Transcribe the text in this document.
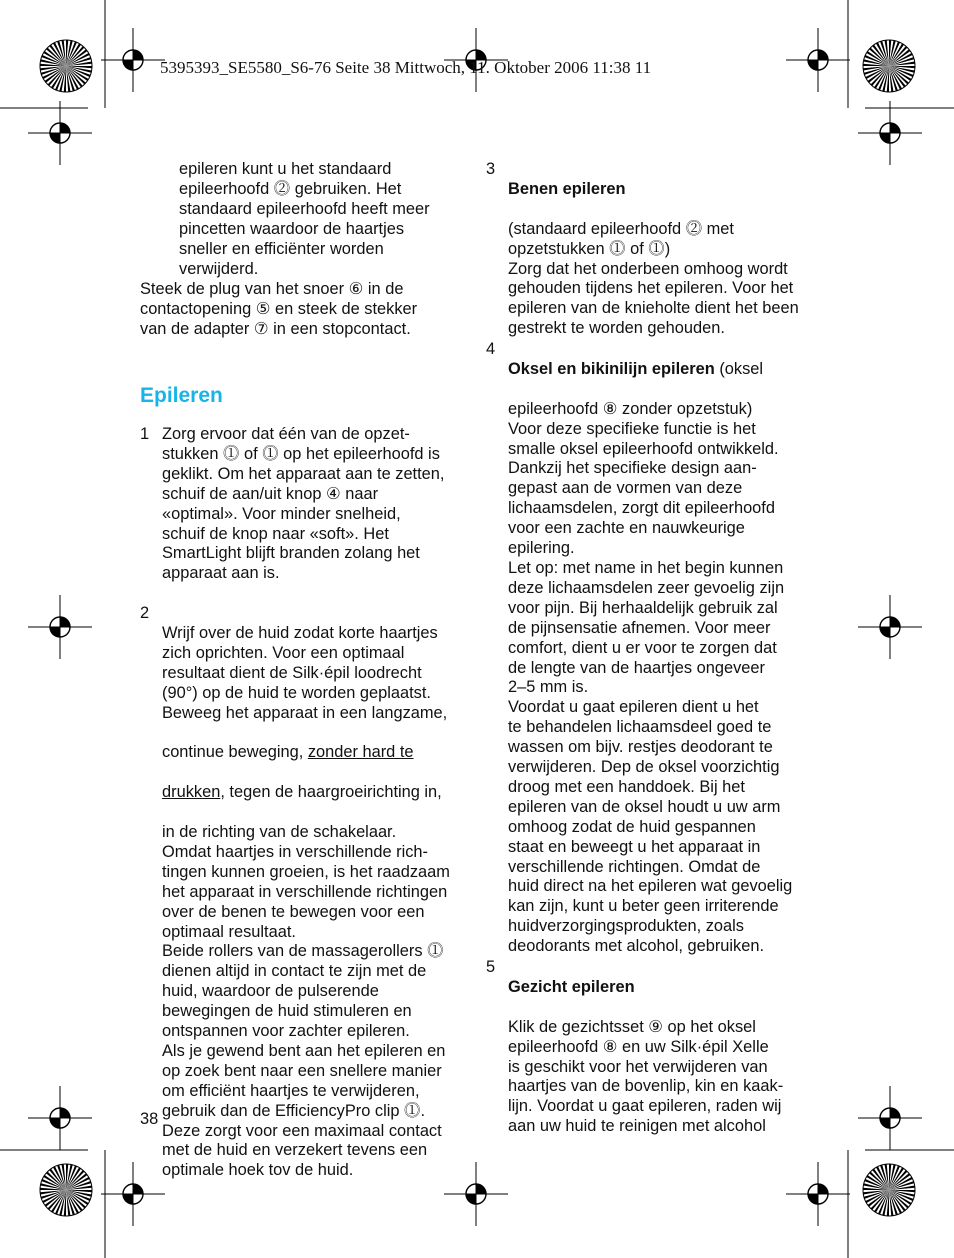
5395393_SE5580_S6-76 Seite 38 Mittwoch, 11. Oktober 2006 11:38 11
epileren kunt u het standaard
epileerhoofd ⓶ gebruiken. Het
standaard epileerhoofd heeft meer
pincetten waardoor de haartjes
sneller en efficiënter worden
verwijderd.
Steek de plug van het snoer ⑥ in de
contactopening ⑤ en steek de stekker
van de adapter ⑦ in een stopcontact.
Epileren
1 Zorg ervoor dat één van de opzet-
stukken ⓵ of ⓵ op het epileerhoofd is
geklikt. Om het apparaat aan te zetten,
schuif de aan/uit knop ④ naar
«optimal». Voor minder snelheid,
schuif de knop naar «soft». Het
SmartLight blijft branden zolang het
apparaat aan is.
2

Wrijf over de huid zodat korte haartjes
zich oprichten. Voor een optimaal
resultaat dient de Silk·épil loodrecht
(90°) op de huid te worden geplaatst.
Beweeg het apparaat in een langzame,

continue beweging, zonder hard te

drukken, tegen de haargroeirichting in,

in de richting van de schakelaar.
Omdat haartjes in verschillende rich-
tingen kunnen groeien, is het raadzaam
het apparaat in verschillende richtingen
over de benen te bewegen voor een
optimaal resultaat.
Beide rollers van de massagerollers ⓵
dienen altijd in contact te zijn met de
huid, waardoor de pulserende
bewegingen de huid stimuleren en
ontspannen voor zachter epileren.
Als je gewend bent aan het epileren en
op zoek bent naar een snellere manier
om efficiënt haartjes te verwijderen,
gebruik dan de EfficiencyPro clip ⓵.
Deze zorgt voor een maximaal contact
met de huid en verzekert tevens een
optimale hoek tov de huid.

38
3

Benen epileren

(standaard epileerhoofd ⓶ met
opzetstukken ⓵ of ⓵)
Zorg dat het onderbeen omhoog wordt
gehouden tijdens het epileren. Voor het
epileren van de knieholte dient het been
gestrekt te worden gehouden.

4

Oksel en bikinilijn epileren (oksel

epileerhoofd ⑧ zonder opzetstuk)
Voor deze specifieke functie is het
smalle oksel epileerhoofd ontwikkeld.
Dankzij het specifieke design aan-
gepast aan de vormen van deze
lichaamsdelen, zorgt dit epileerhoofd
voor een zachte en nauwkeurige
epilering.
Let op: met name in het begin kunnen
deze lichaamsdelen zeer gevoelig zijn
voor pijn. Bij herhaaldelijk gebruik zal
de pijnsensatie afnemen. Voor meer
comfort, dient u er voor te zorgen dat
de lengte van de haartjes ongeveer
2–5 mm is.
Voordat u gaat epileren dient u het
te behandelen lichaamsdeel goed te
wassen om bijv. restjes deodorant te
verwijderen. Dep de oksel voorzichtig
droog met een handdoek. Bij het
epileren van de oksel houdt u uw arm
omhoog zodat de huid gespannen
staat en beweegt u het apparaat in
verschillende richtingen. Omdat de
huid direct na het epileren wat gevoelig
kan zijn, kunt u beter geen irriterende
huidverzorgingsprodukten, zoals
deodorants met alcohol, gebruiken.

5

Gezicht epileren

Klik de gezichtsset ⑨ op het oksel
epileerhoofd ⑧ en uw Silk·épil Xelle
is geschikt voor het verwijderen van
haartjes van de bovenlip, kin en kaak-
lijn. Voordat u gaat epileren, raden wij
aan uw huid te reinigen met alcohol
